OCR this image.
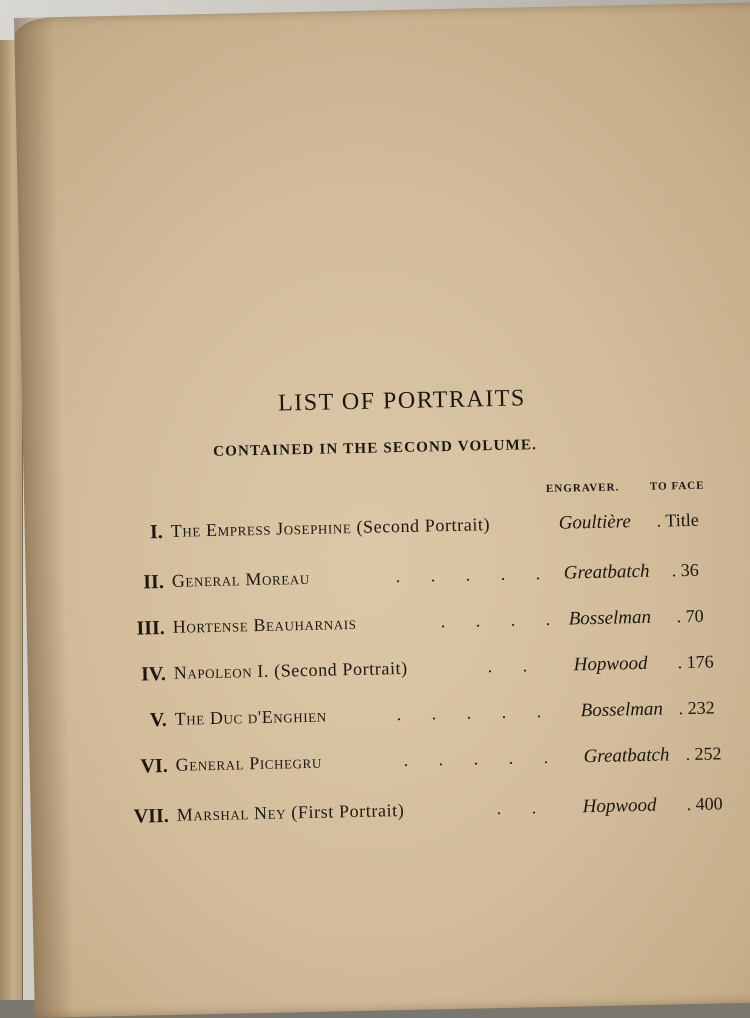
LIST OF PORTRAITS
CONTAINED IN THE SECOND VOLUME.
ENGRAVER.	TO FACE
I. The Empress Josephine (Second Portrait)	Goultière . Title
II. General Moreau	. . . . . Greatbatch . 36
III. Hortense Beauharnais	. . . . Bosselman . 70
IV. Napoleon I. (Second Portrait)	. . Hopwood . 176
V. The Duc d'Enghien	. . . . . Bosselman . 232
VI. General Pichegru	. . . . . Greatbatch . 252
VII. Marshal Ney (First Portrait)	. . Hopwood . 400
